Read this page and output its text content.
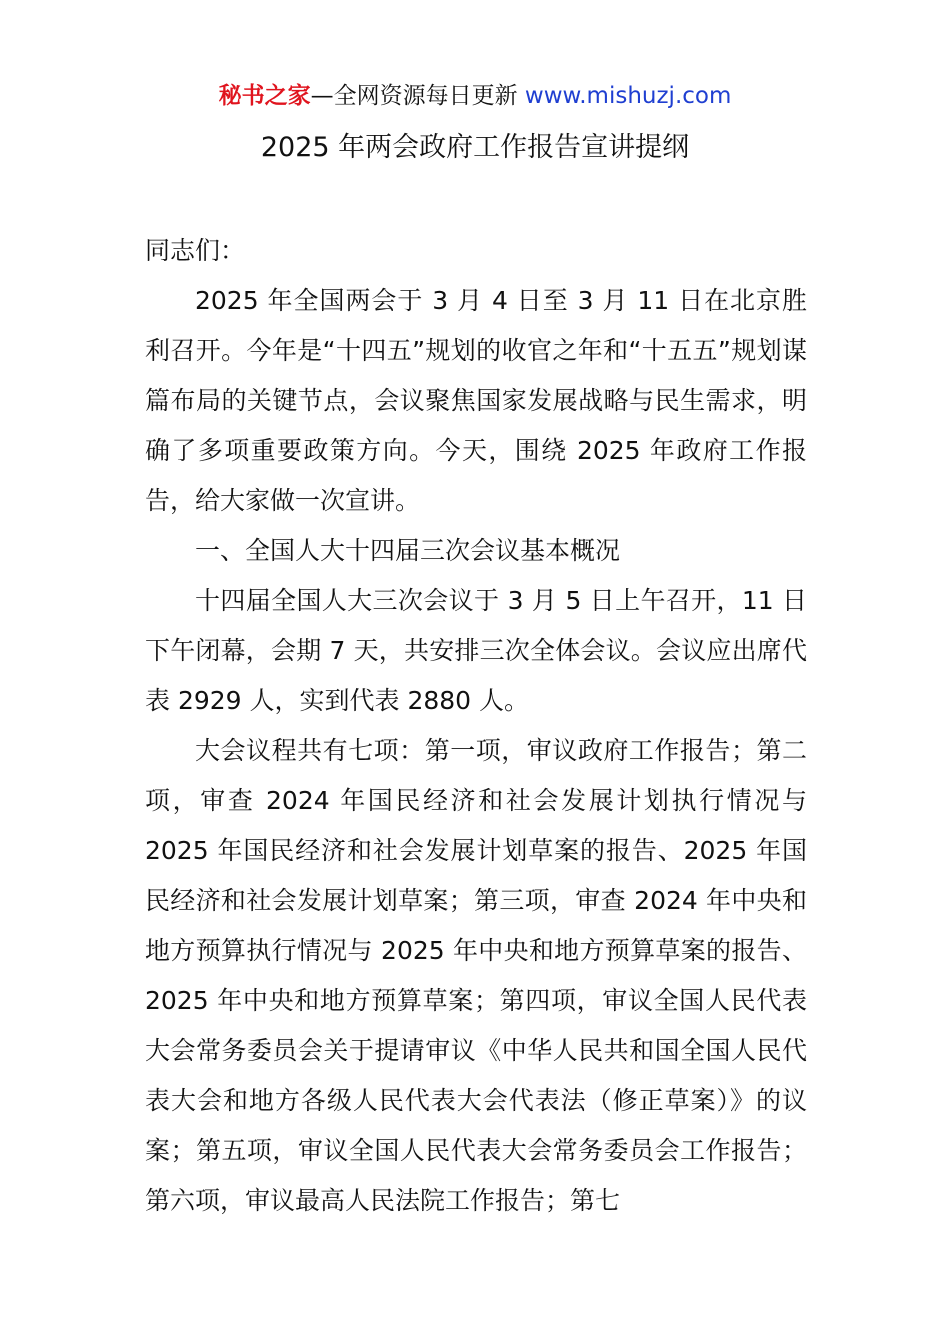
秘书之家—全网资源每日更新 www.mishuzj.com
2025 年两会政府工作报告宣讲提纲

同志们：

2025 年全国两会于 3 月 4 日至 3 月 11 日在北京胜利召开。今年是“十四五”规划的收官之年和“十五五”规划谋篇布局的关键节点，会议聚焦国家发展战略与民生需求，明确了多项重要政策方向。今天，围绕 2025 年政府工作报告，给大家做一次宣讲。

一、全国人大十四届三次会议基本概况

十四届全国人大三次会议于 3 月 5 日上午召开，11 日下午闭幕，会期 7 天，共安排三次全体会议。会议应出席代表 2929 人，实到代表 2880 人。

大会议程共有七项：第一项，审议政府工作报告；第二项，审查 2024 年国民经济和社会发展计划执行情况与 2025 年国民经济和社会发展计划草案的报告、2025 年国民经济和社会发展计划草案；第三项，审查 2024 年中央和地方预算执行情况与 2025 年中央和地方预算草案的报告、2025 年中央和地方预算草案；第四项，审议全国人民代表大会常务委员会关于提请审议《中华人民共和国全国人民代表大会和地方各级人民代表大会代表法（修正草案）》的议案；第五项，审议全国人民代表大会常务委员会工作报告；第六项，审议最高人民法院工作报告；第七
